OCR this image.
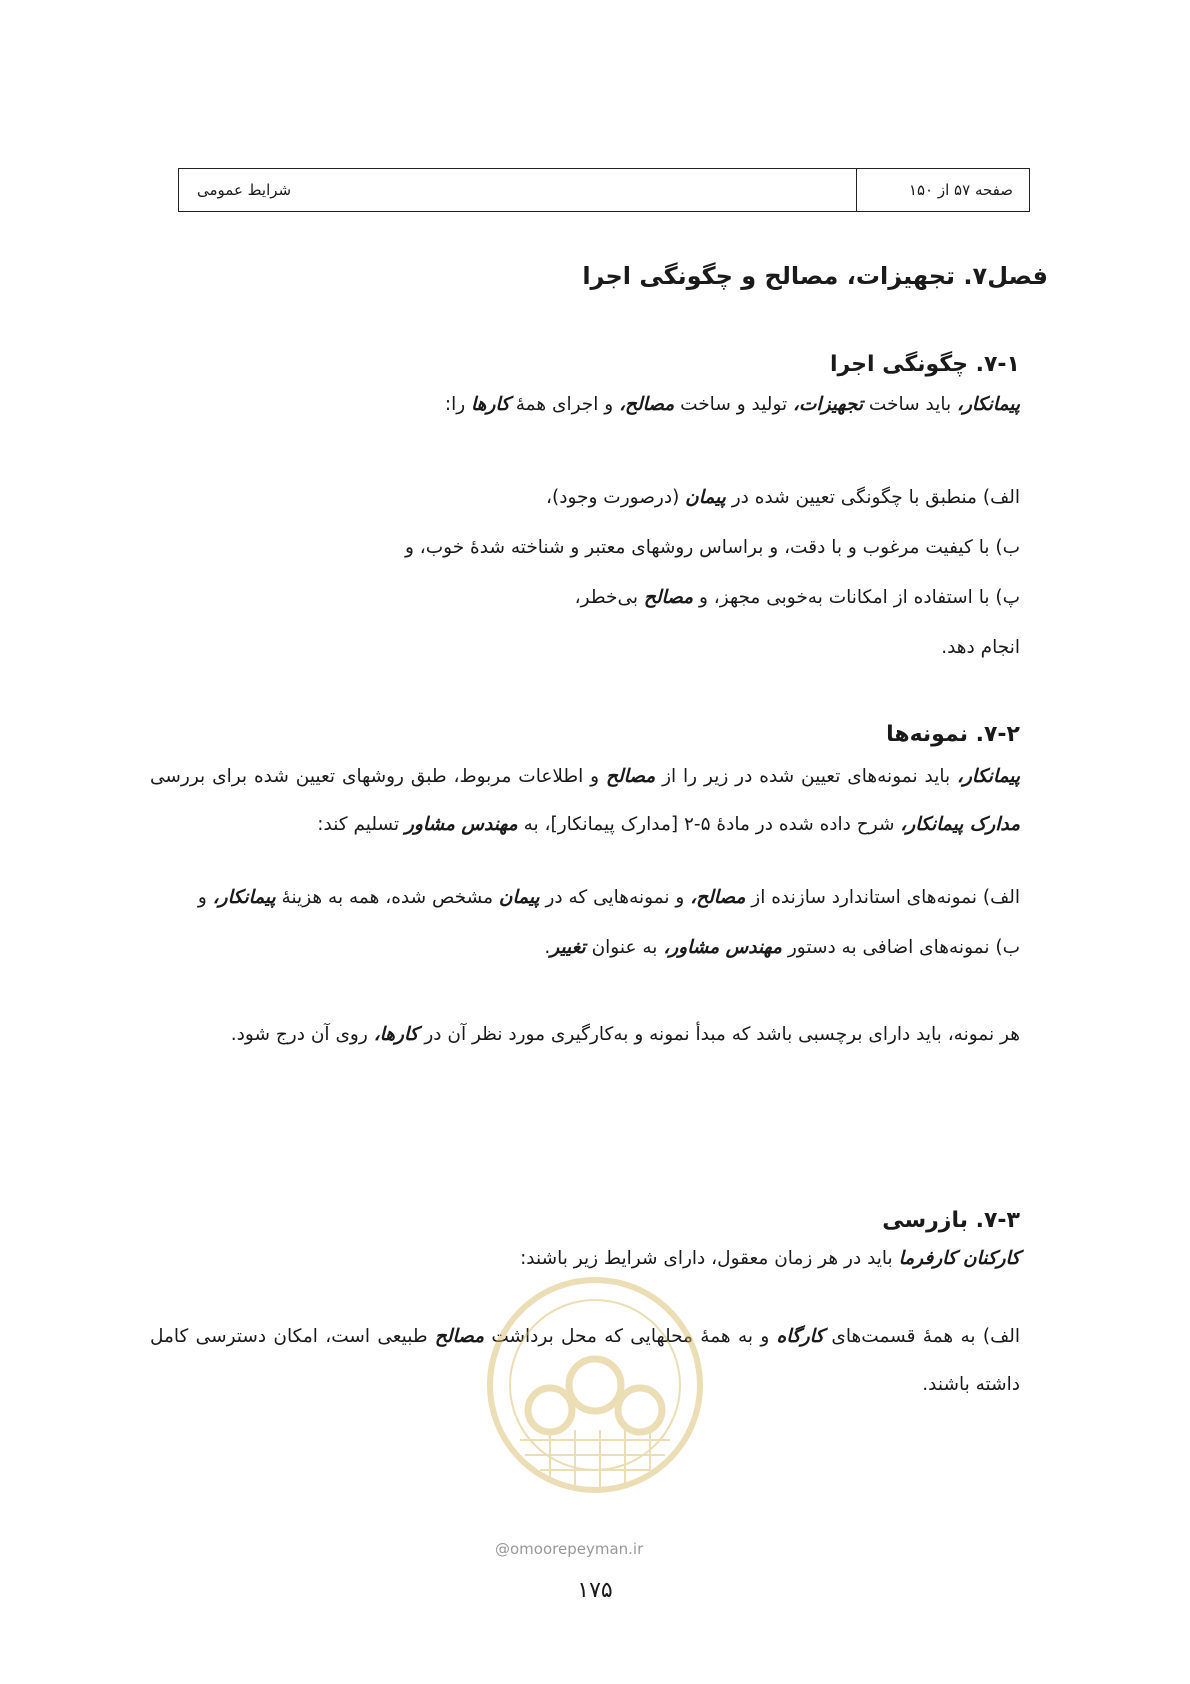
صفحه ۵۷ از ۱۵۰
شرایط عمومی
فصل۷. تجهیزات، مصالح و چگونگی اجرا
۷-۱. چگونگی اجرا

پیمانکار، باید ساخت تجهیزات، تولید و ساخت مصالح، و اجرای همهٔ کارها را:

الف) منطبق با چگونگی تعیین شده در پیمان (درصورت وجود)،
ب) با کیفیت مرغوب و با دقت، و براساس روشهای معتبر و شناخته شدهٔ خوب، و
پ) با استفاده از امکانات به‌خوبی مجهز، و مصالح بی‌خطر،
انجام دهد.
۷-۲. نمونه‌ها

پیمانکار، باید نمونه‌های تعیین شده در زیر را از مصالح و اطلاعات مربوط، طبق روشهای تعیین شده برای بررسی مدارک پیمانکار، شرح داده شده در مادهٔ ۵-۲ [مدارک پیمانکار]، به مهندس مشاور تسلیم کند:

الف) نمونه‌های استاندارد سازنده از مصالح، و نمونه‌هایی که در پیمان مشخص شده، همه به هزینهٔ پیمانکار، و
ب) نمونه‌های اضافی به دستور مهندس مشاور، به عنوان تغییر.

هر نمونه، باید دارای برچسبی باشد که مبدأ نمونه و به‌کارگیری مورد نظر آن در کارها، روی آن درج شود.

۷-۳. بازرسی

کارکنان کارفرما باید در هر زمان معقول، دارای شرایط زیر باشند:

الف) به همهٔ قسمت‌های کارگاه و به همهٔ محلهایی که محل برداشت مصالح طبیعی است، امکان دسترسی کامل داشته باشند.

@omoorepeyman.ir
۱۷۵
